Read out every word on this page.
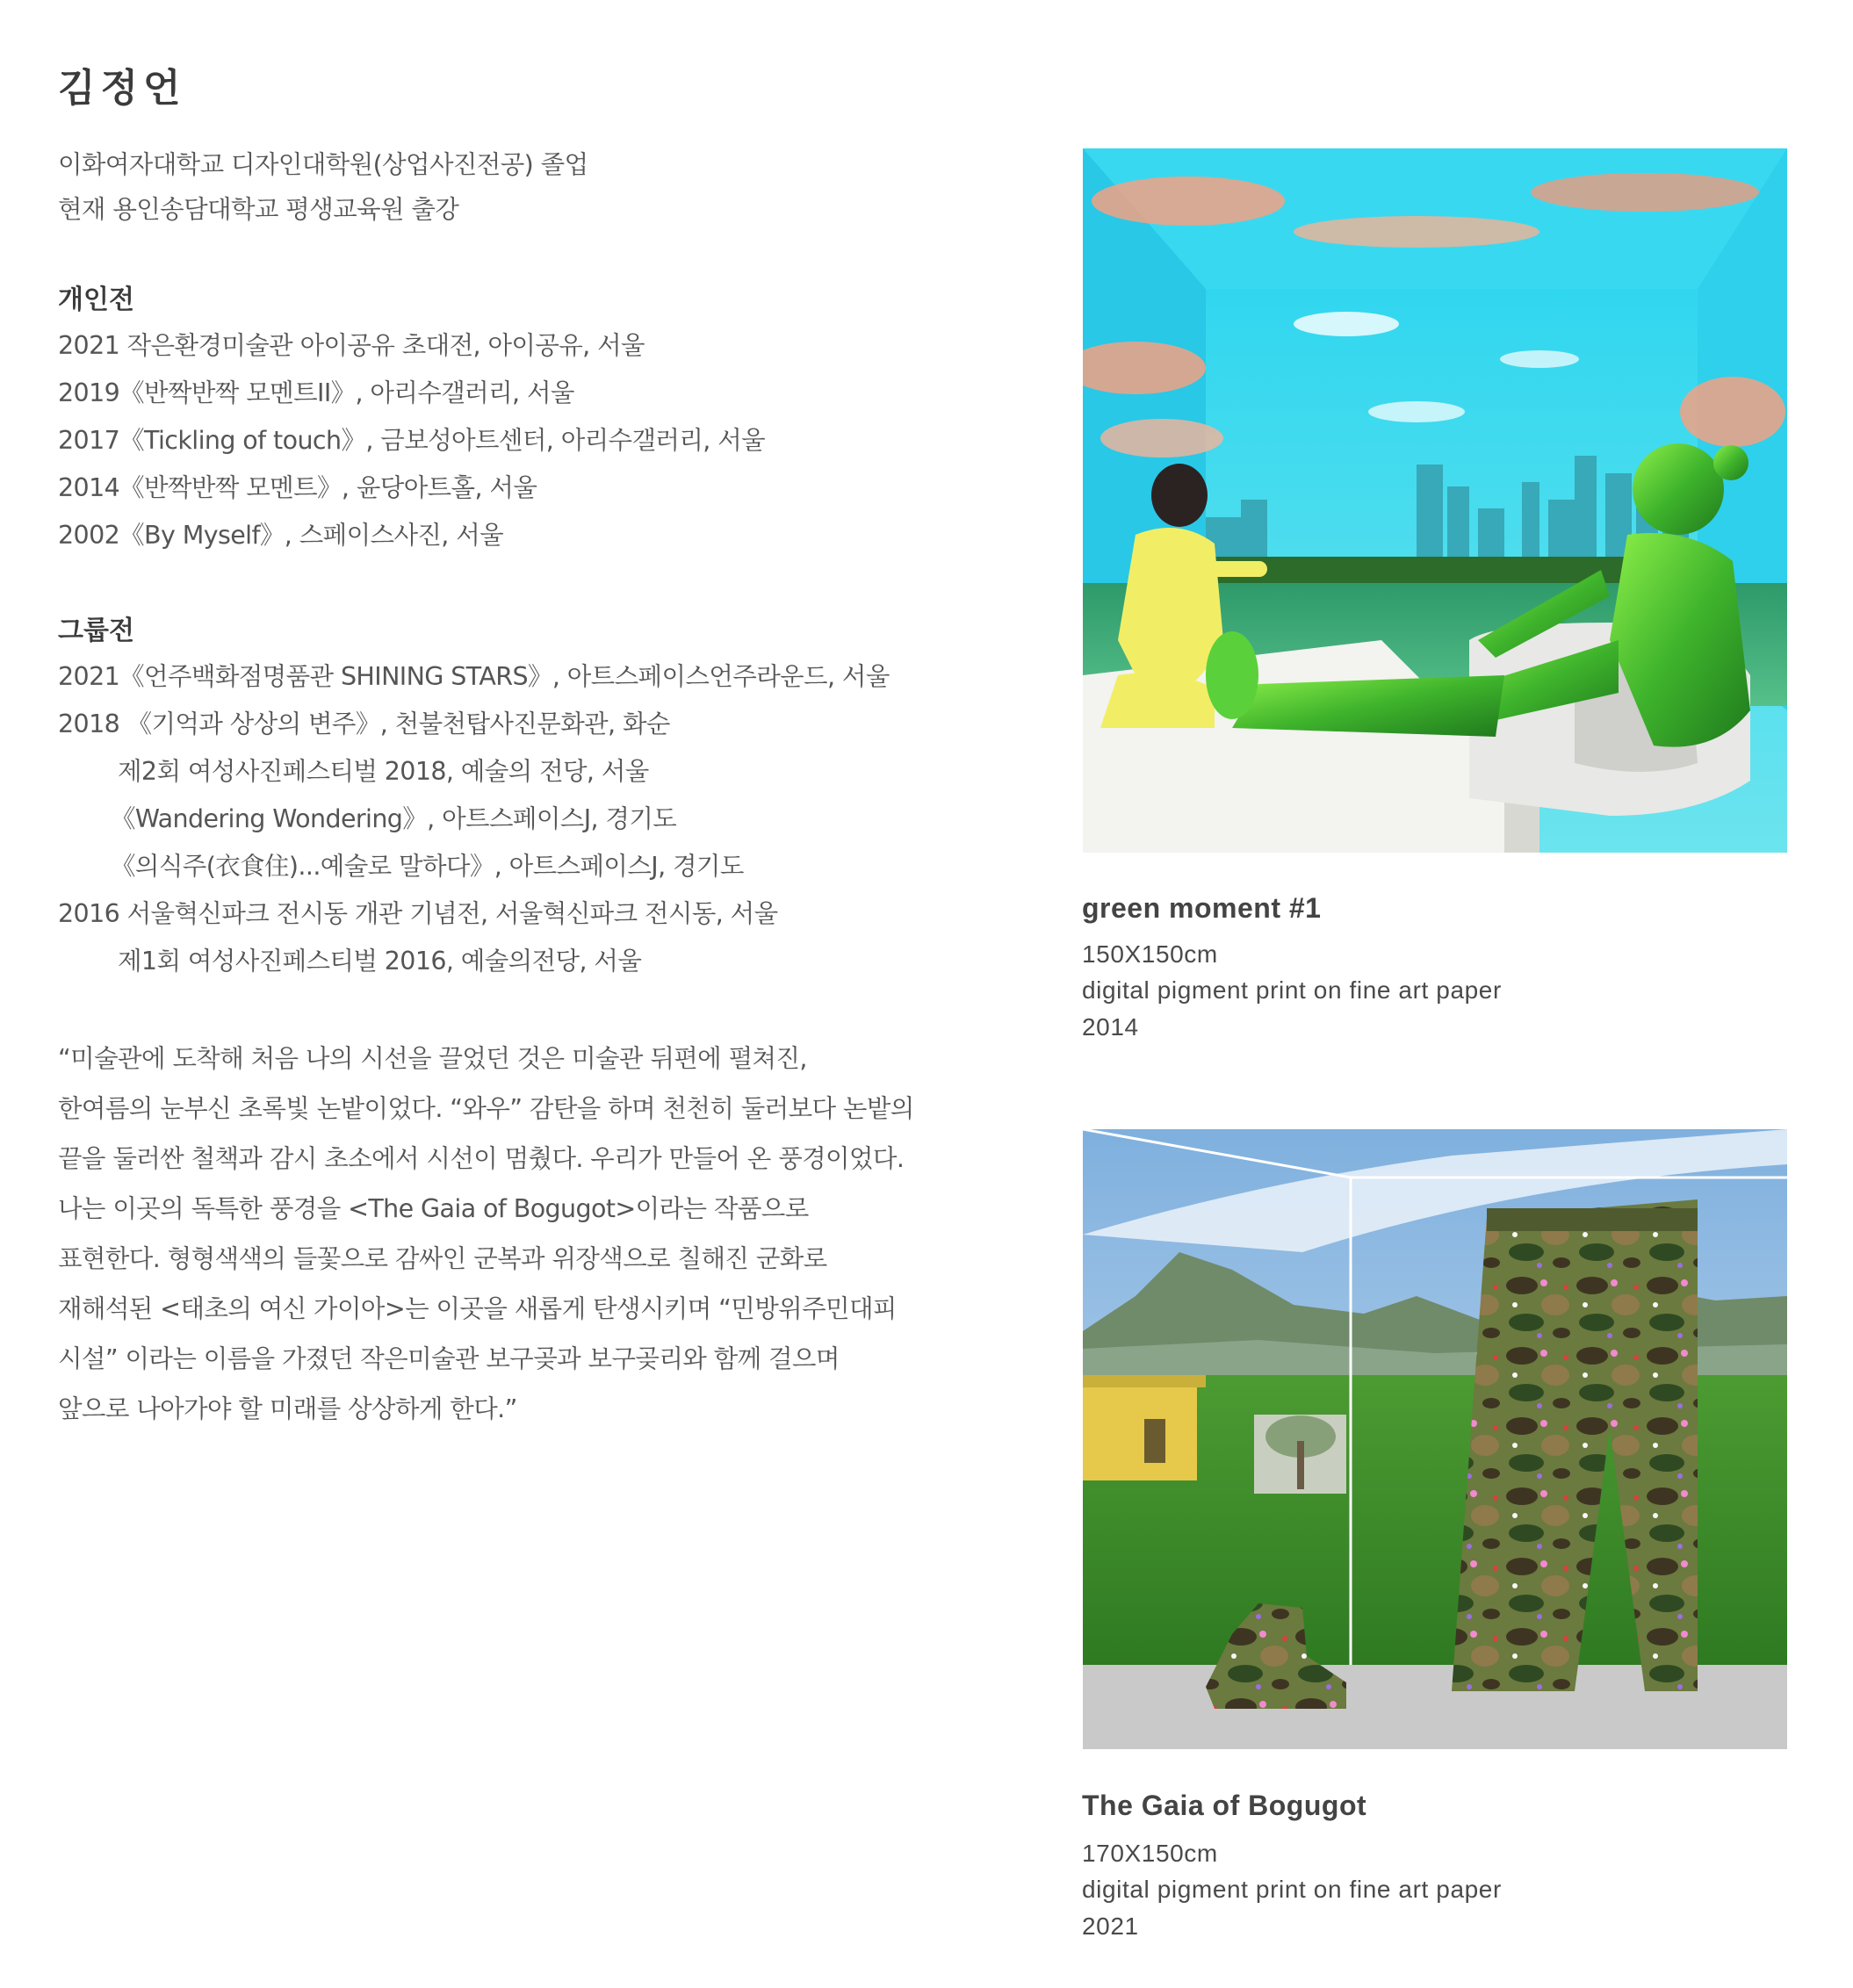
김정언
이화여자대학교 디자인대학원(상업사진전공) 졸업
현재 용인송담대학교 평생교육원 출강
개인전
2021 작은환경미술관 아이공유 초대전, 아이공유, 서울
2019《반짝반짝 모멘트II》, 아리수갤러리, 서울
2017《Tickling of touch》, 금보성아트센터, 아리수갤러리, 서울
2014《반짝반짝 모멘트》, 윤당아트홀, 서울
2002《By Myself》, 스페이스사진, 서울
그룹전
2021《언주백화점명품관 SHINING STARS》, 아트스페이스언주라운드, 서울
2018 《기억과 상상의 변주》, 천불천탑사진문화관, 화순
제2회 여성사진페스티벌 2018, 예술의 전당, 서울
《Wandering Wondering》, 아트스페이스J, 경기도
《의식주(衣食住)...예술로 말하다》, 아트스페이스J, 경기도
2016 서울혁신파크 전시동 개관 기념전, 서울혁신파크 전시동, 서울
제1회 여성사진페스티벌 2016, 예술의전당, 서울
“미술관에 도착해 처음 나의 시선을 끌었던 것은 미술관 뒤편에 펼쳐진,
한여름의 눈부신 초록빛 논밭이었다. “와우” 감탄을 하며 천천히 둘러보다 논밭의
끝을 둘러싼 철책과 감시 초소에서 시선이 멈췄다. 우리가 만들어 온 풍경이었다.
나는 이곳의 독특한 풍경을 <The Gaia of Bogugot>이라는 작품으로
표현한다. 형형색색의 들꽃으로 감싸인 군복과 위장색으로 칠해진 군화로
재해석된 <태초의 여신 가이아>는 이곳을 새롭게 탄생시키며 “민방위주민대피
시설” 이라는 이름을 가졌던 작은미술관 보구곶과 보구곶리와 함께 걸으며
앞으로 나아가야 할 미래를 상상하게 한다.”
green moment #1
150X150cm
digital pigment print on fine art paper
2014
The Gaia of Bogugot
170X150cm
digital pigment print on fine art paper
2021
